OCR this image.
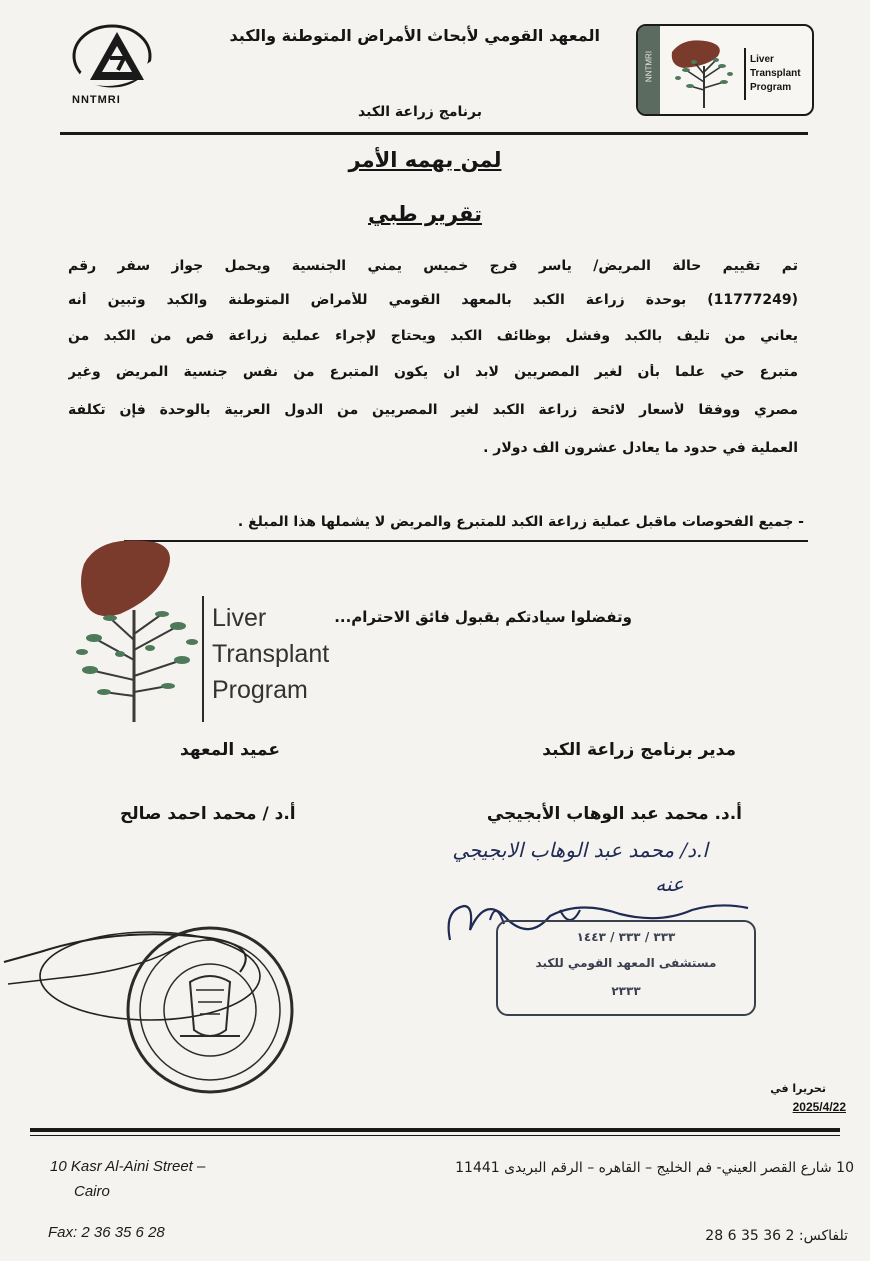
NNTMRI
المعهد القومي لأبحاث الأمراض المتوطنة والكبد
برنامج زراعة الكبد
NNTMRI	Liver
Transplant
Program
لمن يهمه الأمر
تقرير طبي
تم تقييم حالة المريض/ ياسر فرج خميس يمني الجنسية ويحمل جواز سفر رقم
(11777249) بوحدة زراعة الكبد بالمعهد القومي للأمراض المتوطنة والكبد وتبين أنه
يعاني من تليف بالكبد وفشل بوظائف الكبد ويحتاج لإجراء عملية زراعة فص من الكبد من
متبرع حي علما بأن لغير المصريين لابد ان يكون المتبرع من نفس جنسية المريض وغير
مصري ووفقا لأسعار لائحة زراعة الكبد لغير المصريين من الدول العربية بالوحدة فإن تكلفة
العملية في حدود ما يعادل عشرون الف دولار .
- جميع الفحوصات ماقبل عملية زراعة الكبد للمتبرع والمريض لا يشملها هذا المبلغ .
Liver
Transplant
Program
وتفضلوا سيادتكم بقبول فائق الاحترام...
مدير برنامج زراعة الكبد
عميد المعهد
أ.د. محمد عبد الوهاب الأبجيجي
أ.د / محمد احمد صالح
ا.د/ محمد عبد الوهاب الابجيجي
عنه
٣٣٣ / ٣٣٣ / ١٤٤٣
مستشفى المعهد القومي للكبد
٢٣٣٣
تحريرا في
2025/4/22
10 Kasr Al-Aini Street –
Cairo
10 شارع القصر العيني- فم الخليج – القاهره – الرقم البريدى 11441
Fax: 2 36 35 6 28	تلفاكس: 2 36 35 6 28
